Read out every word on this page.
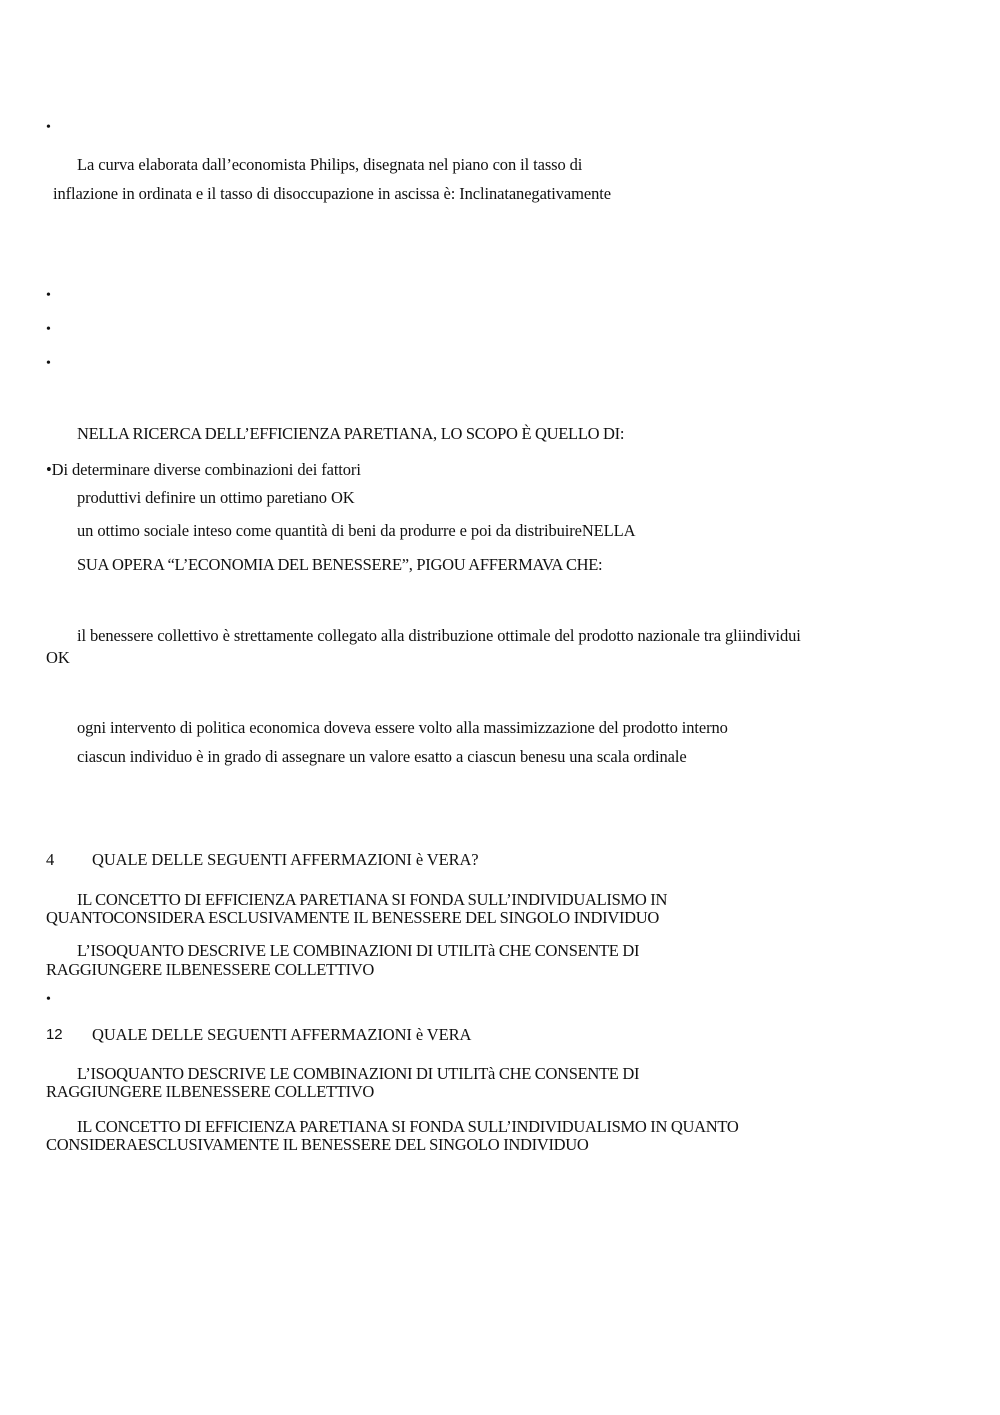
•
La curva elaborata dall’economista Philips, disegnata nel piano con il tasso di
inflazione in ordinata e il tasso di disoccupazione in ascissa è: Inclinatanegativamente
•
•
•
NELLA RICERCA DELL’EFFICIENZA PARETIANA, LO SCOPO È QUELLO DI:
•Di determinare diverse combinazioni dei fattori
produttivi definire un ottimo paretiano OK
un ottimo sociale inteso come quantità di beni da produrre e poi da distribuireNELLA
SUA OPERA “L’ECONOMIA DEL BENESSERE”, PIGOU AFFERMAVA CHE:
il benessere collettivo è strettamente collegato alla distribuzione ottimale del prodotto nazionale tra gliindividui
OK
ogni intervento di politica economica doveva essere volto alla massimizzazione del prodotto interno
ciascun individuo è in grado di assegnare un valore esatto a ciascun benesu una scala ordinale
4 QUALE DELLE SEGUENTI AFFERMAZIONI è VERA?
IL CONCETTO DI EFFICIENZA PARETIANA SI FONDA SULL’INDIVIDUALISMO IN
QUANTOCONSIDERA ESCLUSIVAMENTE IL BENESSERE DEL SINGOLO INDIVIDUO
L’ISOQUANTO DESCRIVE LE COMBINAZIONI DI UTILITà CHE CONSENTE DI
RAGGIUNGERE ILBENESSERE COLLETTIVO
•
12 QUALE DELLE SEGUENTI AFFERMAZIONI è VERA
L’ISOQUANTO DESCRIVE LE COMBINAZIONI DI UTILITà CHE CONSENTE DI
RAGGIUNGERE ILBENESSERE COLLETTIVO
IL CONCETTO DI EFFICIENZA PARETIANA SI FONDA SULL’INDIVIDUALISMO IN QUANTO
CONSIDERAESCLUSIVAMENTE IL BENESSERE DEL SINGOLO INDIVIDUO
